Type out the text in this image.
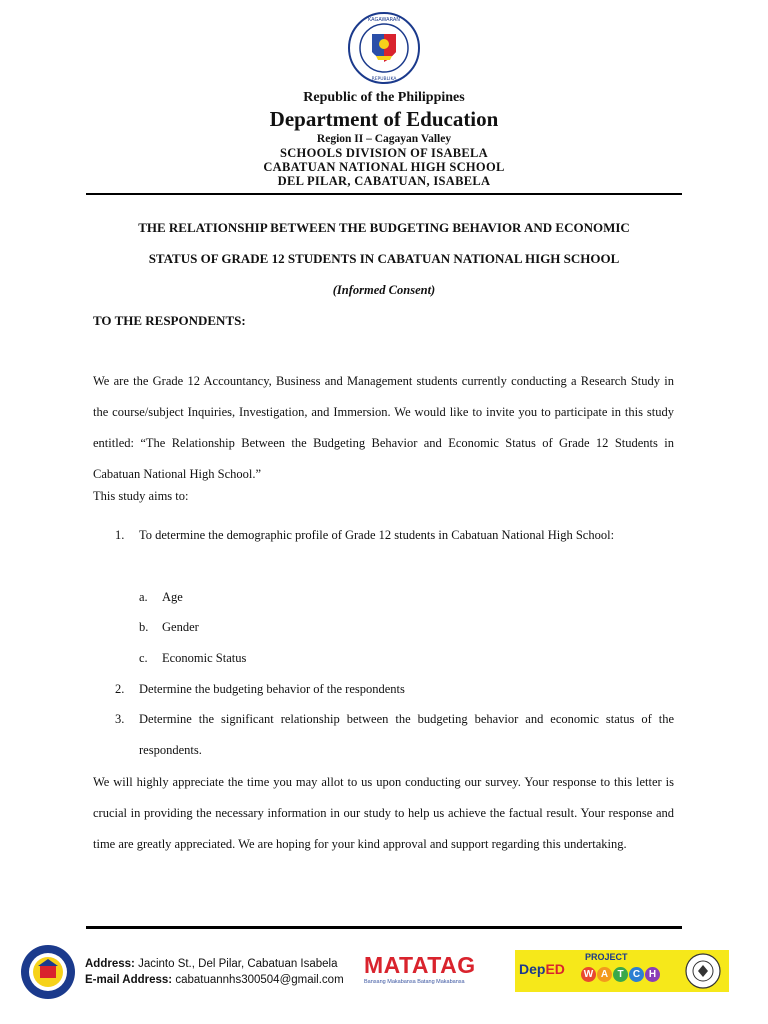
KAGAWARAN
REPUBLIKA
Republic of the Philippines
Department of Education
Region II – Cagayan Valley
SCHOOLS DIVISION OF ISABELA
CABATUAN NATIONAL HIGH SCHOOL
DEL PILAR, CABATUAN, ISABELA
THE RELATIONSHIP BETWEEN THE BUDGETING BEHAVIOR AND ECONOMIC
STATUS OF GRADE 12 STUDENTS IN CABATUAN NATIONAL HIGH SCHOOL
(Informed Consent)
TO THE RESPONDENTS:

We are the Grade 12 Accountancy, Business and Management students currently conducting a Research Study in the course/subject Inquiries, Investigation, and Immersion. We would like to invite you to participate in this study entitled: “The Relationship Between the Budgeting Behavior and Economic Status of Grade 12 Students in Cabatuan National High School.”

This study aims to:
1. To determine the demographic profile of Grade 12 students in Cabatuan National High School:
a. Age
b. Gender
c. Economic Status
2. Determine the budgeting behavior of the respondents
3. Determine the significant relationship between the budgeting behavior and economic status of the respondents.

We will highly appreciate the time you may allot to us upon conducting our survey. Your response to this letter is crucial in providing the necessary information in our study to help us achieve the factual result. Your response and time are greatly appreciated. We are hoping for your kind approval and support regarding this undertaking.

Address: Jacinto St., Del Pilar, Cabatuan Isabela
E-mail Address: cabatuannhs300504@gmail.com
MATATAG
Bansang Makabansa Batang Makabansa
DepED
PROJECT
W A T C H
